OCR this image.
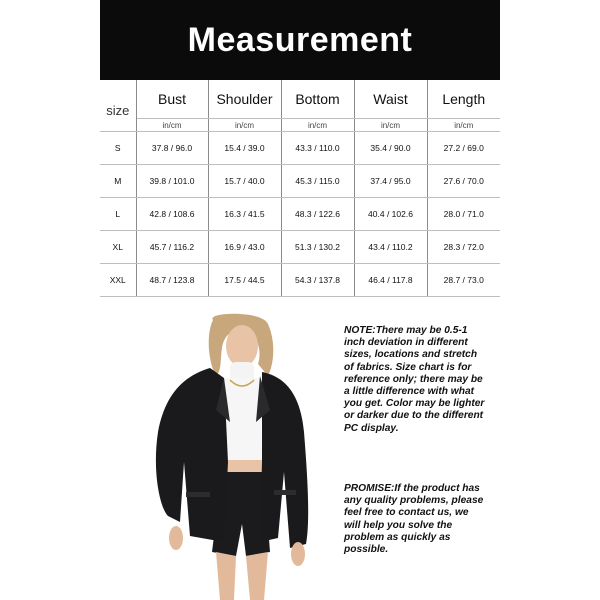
Measurement
size	Bust	Shoulder	Bottom	Waist	Length
	in/cm	in/cm	in/cm	in/cm	in/cm
S	37.8 / 96.0	15.4 / 39.0	43.3 / 110.0	35.4 / 90.0	27.2 / 69.0
M	39.8 / 101.0	15.7 / 40.0	45.3 / 115.0	37.4 / 95.0	27.6 / 70.0
L	42.8 / 108.6	16.3 / 41.5	48.3 / 122.6	40.4 / 102.6	28.0 / 71.0
XL	45.7 / 116.2	16.9 / 43.0	51.3 / 130.2	43.4 / 110.2	28.3 / 72.0
XXL	48.7 / 123.8	17.5 / 44.5	54.3 / 137.8	46.4 / 117.8	28.7 / 73.0
NOTE:There may be 0.5-1 inch deviation in different sizes, locations and stretch of fabrics. Size chart is for reference only; there may be a little difference with what you get. Color may be lighter or darker due to the different PC display.
PROMISE:If the product has any quality problems, please feel free to contact us, we will help you solve the problem as quickly as possible.
